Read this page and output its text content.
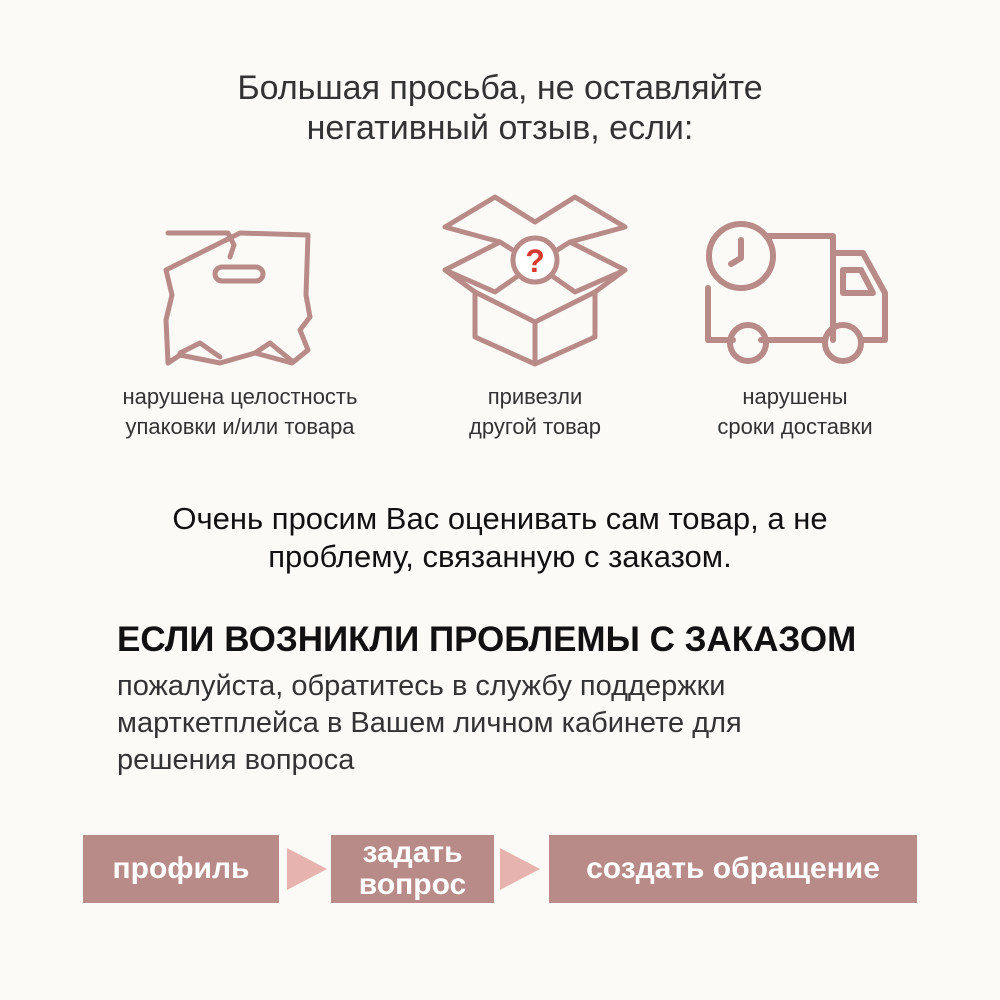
Большая просьба, не оставляйте
негативный отзыв, если:
?
нарушена целостность
упаковки и/или товара
привезли
другой товар
нарушены
сроки доставки
Очень просим Вас оценивать сам товар, а не
проблему, связанную с заказом.
ЕСЛИ ВОЗНИКЛИ ПРОБЛЕМЫ С ЗАКАЗОМ
пожалуйста, обратитесь в службу поддержки
марткетплейса в Вашем личном кабинете для
решения вопроса
профиль	задать
вопрос	создать обращение
